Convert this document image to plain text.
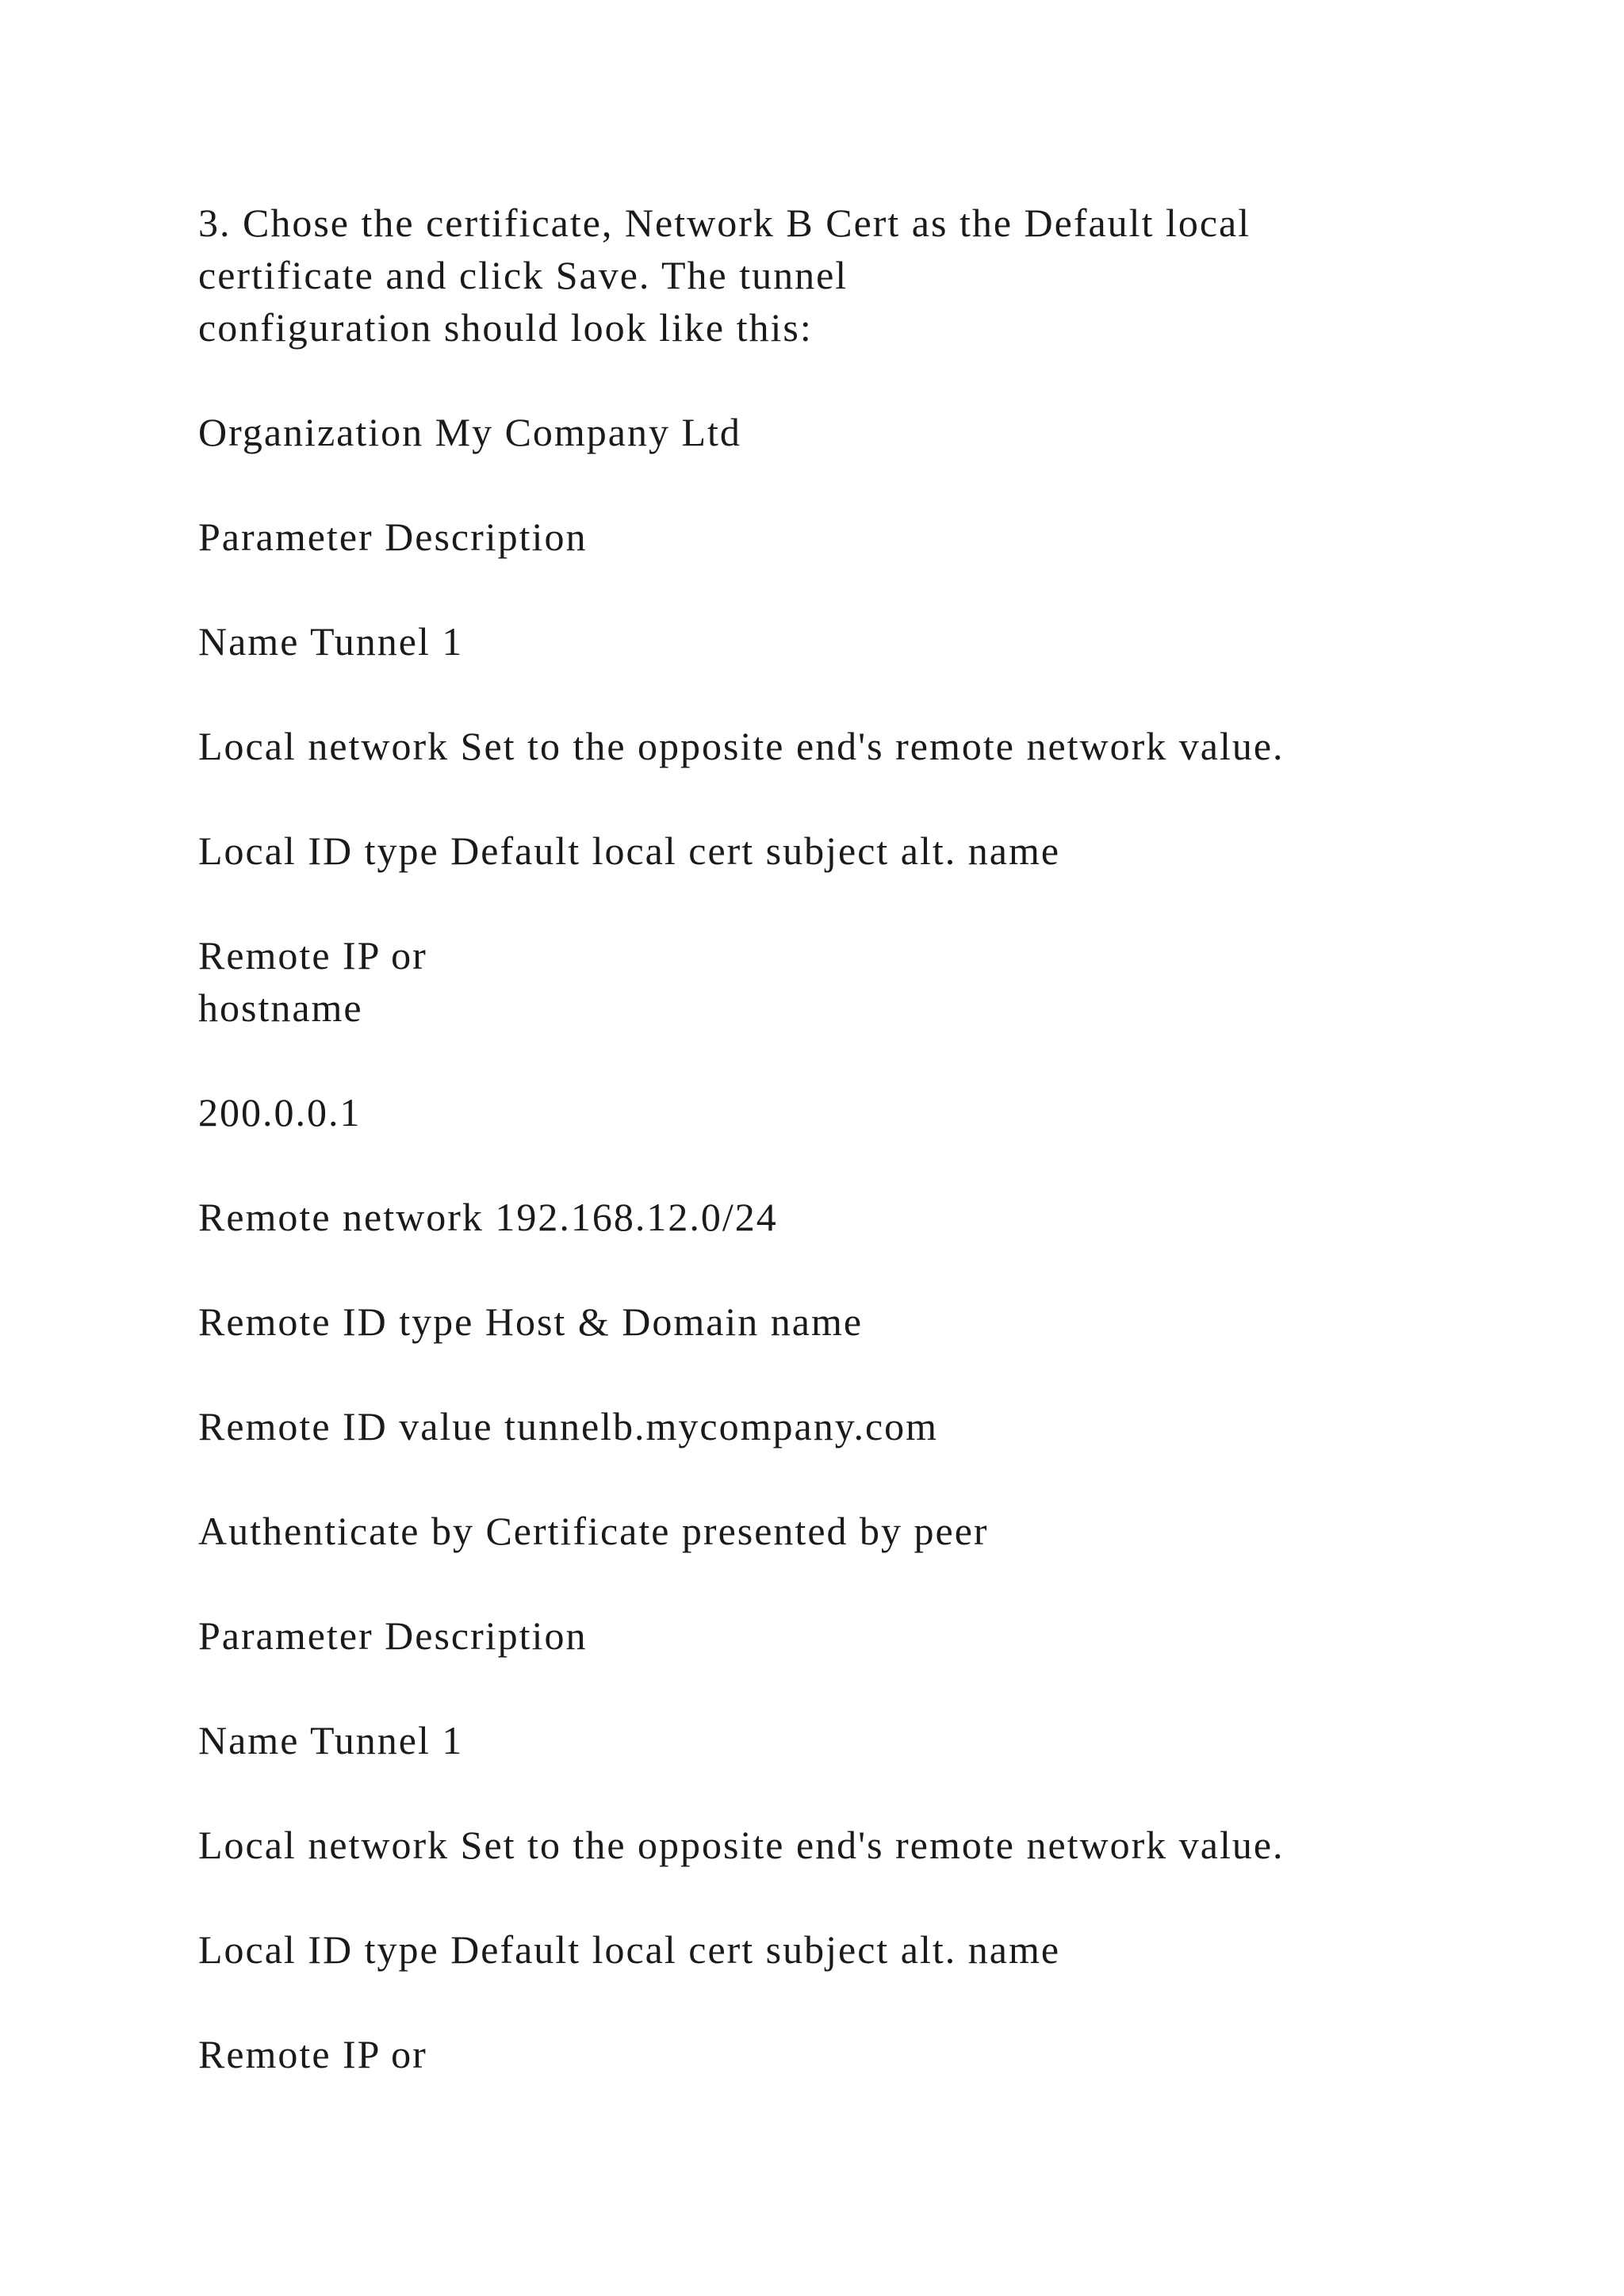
3. Chose the certificate, Network B Cert as the Default local

certificate and click Save. The tunnel

configuration should look like this:

Organization My Company Ltd

Parameter Description

Name Tunnel 1

Local network Set to the opposite end's remote network value.

Local ID type Default local cert subject alt. name

Remote IP or

hostname

200.0.0.1

Remote network 192.168.12.0/24

Remote ID type Host & Domain name

Remote ID value tunnelb.mycompany.com

Authenticate by Certificate presented by peer

Parameter Description

Name Tunnel 1

Local network Set to the opposite end's remote network value.

Local ID type Default local cert subject alt. name

Remote IP or
